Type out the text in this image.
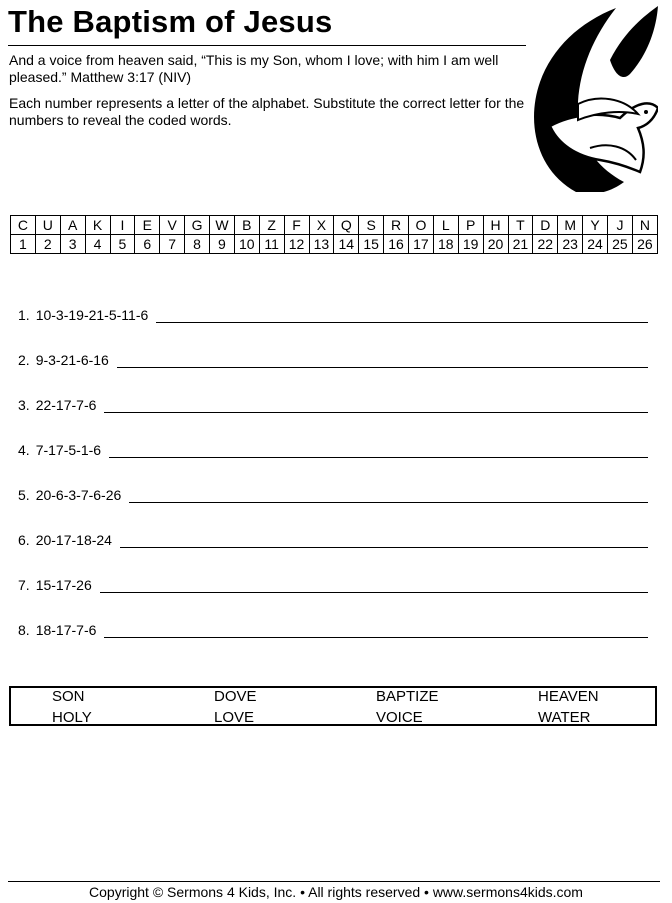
The Baptism of Jesus
And a voice from heaven said, “This is my Son, whom I love; with him I am well pleased.” Matthew 3:17 (NIV)
Each number represents a letter of the alphabet. Substitute the correct letter for the numbers to reveal the coded words.
C	U	A	K	I	E	V	G	W	B	Z	F	X	Q	S	R	O	L	P	H	T	D	M	Y	J	N
1	2	3	4	5	6	7	8	9	10	11	12	13	14	15	16	17	18	19	20	21	22	23	24	25	26
1. 10-3-19-21-5-11-6
2. 9-3-21-6-16
3. 22-17-7-6
4. 7-17-5-1-6
5. 20-6-3-7-6-26
6. 20-17-18-24
7. 15-17-26
8. 18-17-7-6
SON	DOVE	BAPTIZE	HEAVEN
HOLY	LOVE	VOICE	WATER
Copyright © Sermons 4 Kids, Inc. • All rights reserved • www.sermons4kids.com
